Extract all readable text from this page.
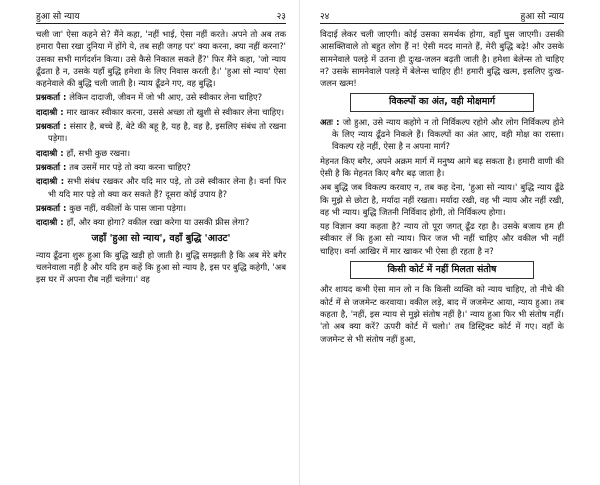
हुआ सो न्याय	२३

चली जा' ऐसा कहने से? मैंने कहा, 'नहीं भाई, ऐसा नहीं करते। अपने तो अब तक हमारा पैसा रखा दुनिया में होंगे ये, तब सही जगह पर' क्या करना, क्या नहीं करना?' उसका सभी मार्गदर्शन किया। उसे कैसे निकाल सकते हैं?' फिर मैंने कहा, 'जो न्याय ढूँढता है न, उसके यहाँ बुद्धि हमेशा के लिए निवास करती है।' 'हुआ सो न्याय' ऐसा कहनेवाले की बुद्धि चली जाती है। न्याय ढूँढने गए, वह बुद्धि।

प्रश्नकर्ता : लेकिन दादाजी, जीवन में जो भी आए, उसे स्वीकार लेना चाहिए?

दादाश्री : मार खाकर स्वीकार करना, उससे अच्छा तो खुशी से स्वीकार लेना चाहिए।

प्रश्नकर्ता : संसार है, बच्चे हैं, बेटे की बहू है, यह है, वह है, इसलिए संबंध तो रखना पड़ेगा।

दादाश्री : हाँ, सभी कुछ रखना।

प्रश्नकर्ता : तब उसमें मार पड़े तो क्या करना चाहिए?

दादाश्री : सभी संबंध रखकर और यदि मार पड़े, तो उसे स्वीकार लेना है। वर्ना फिर भी यदि मार पड़े तो क्या कर सकते हैं? दूसरा कोई उपाय है?

प्रश्नकर्ता : कुछ नहीं, वकीलों के पास जाना पड़ेगा।

दादाश्री : हाँ, और क्या होगा? वकील रखा करेगा या उसकी फ्रीस लेगा?

जहाँ 'हुआ सो न्याय', वहाँ बुद्धि 'आउट'

न्याय ढूँढना शुरू हुआ कि बुद्धि खड़ी हो जाती है। बुद्धि समझती है कि अब मेरे बगैर चलनेवाला नहीं है और यदि हम कहें कि हुआ सो न्याय है, इस पर बुद्धि कहेगी, 'अब इस घर में अपना रौब नहीं चलेगा।' वह

२४	हुआ सो न्याय

विदाई लेकर चली जाएगी। कोई उसका समर्थक होगा, वहाँ घुस जाएगी। उसकी आसक्तिवाले तो बहुत लोग हैं न! ऐसी मदद मानते हैं, मेरी बुद्धि बढ़े! और उसके सामनेवाले पलड़े में उतना ही दुःख-जलन बढ़ती जाती है। हमेशा बेलेन्स तो चाहिए न? उसके सामनेवाले पलड़े में बेलेन्स चाहिए ही! हमारी बुद्धि खत्म, इसलिए दुःख-जलन खत्म!

विकल्पों का अंत, वही मोक्षमार्ग

अतः : जो हुआ, उसे न्याय कहोगे न तो निर्विकल्प रहोगे और लोग निर्विकल्प होने के लिए न्याय ढूँढने निकले हैं। विकल्पों का अंत आए, वही मोक्ष का रास्ता। विकल्प रहे नहीं, ऐसा है न अपना मार्ग?

मेहनत किए बगैर, अपने अक्रम मार्ग में मनुष्य आगे बढ़ सकता है। हमारी वाणी की ऐसी है कि मेहनत किए बगैर बढ़ जाता है।

अब बुद्धि जब विकल्प करवाए न, तब कह देना, 'हुआ सो न्याय।' बुद्धि न्याय ढूँढे कि मुझे से छोटा है, मर्यादा नहीं रखता। मर्यादा रखी, वह भी न्याय और नहीं रखी, वह भी न्याय। बुद्धि जितनी निर्विवाद होगी, तो निर्विकल्प होगा।

यह विज्ञान क्या कहता है? न्याय तो पूरा जगत् ढूँढ रहा है। उसके बजाय हम ही स्वीकार लें कि हुआ सो न्याय। फिर जज भी नहीं चाहिए और वकील भी नहीं चाहिए। वर्ना आखिर में मार खाकर भी ऐसा ही रहता है न?

किसी कोर्ट में नहीं मिलता संतोष

और शायद कभी ऐसा मान लो न कि किसी व्यक्ति को न्याय चाहिए, तो नीचे की कोर्ट में से जजमेन्ट करवाया। वकील लड़े, बाद में जजमेन्ट आया, न्याय हुआ। तब कहता है, 'नहीं, इस न्याय से मुझे संतोष नहीं है।' न्याय हुआ फिर भी संतोष नहीं। 'तो अब क्या करें? ऊपरी कोर्ट में चलो।' तब डिस्ट्रिक्ट कोर्ट में गए। वहाँ के जजमेन्ट से भी संतोष नहीं हुआ,
